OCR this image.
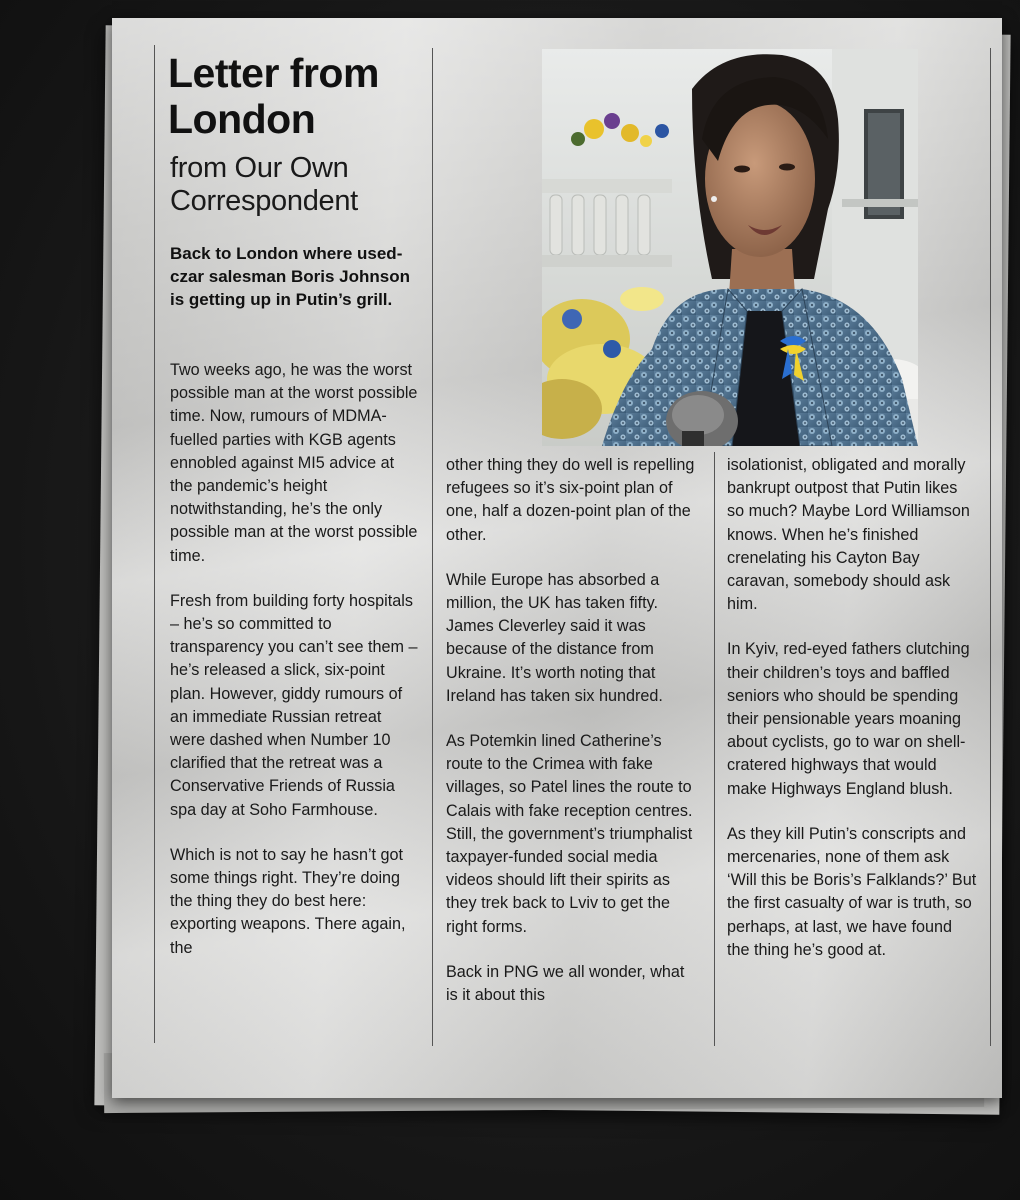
Letter from London
from Our Own Correspondent
Back to London where used-czar salesman Boris Johnson is getting up in Putin’s grill.

Two weeks ago, he was the worst possible man at the worst possible time. Now, rumours of MDMA-fuelled parties with KGB agents ennobled against MI5 advice at the pandemic’s height notwithstanding, he’s the only possible man at the worst possible time.

Fresh from building forty hospitals – he’s so committed to transparency you can’t see them – he’s released a slick, six-point plan. However, giddy rumours of an immediate Russian retreat were dashed when Number 10 clarified that the retreat was a Conservative Friends of Russia spa day at Soho Farmhouse.

Which is not to say he hasn’t got some things right. They’re doing the thing they do best here: exporting weapons. There again, the

other thing they do well is repelling refugees so it’s six-point plan of one, half a dozen-point plan of the other.

While Europe has absorbed a million, the UK has taken fifty. James Cleverley said it was because of the distance from Ukraine. It’s worth noting that Ireland has taken six hundred.

As Potemkin lined Catherine’s route to the Crimea with fake villages, so Patel lines the route to Calais with fake reception centres. Still, the government’s triumphalist taxpayer-funded social media videos should lift their spirits as they trek back to Lviv to get the right forms.

Back in PNG we all wonder, what is it about this

isolationist, obligated and morally bankrupt outpost that Putin likes so much? Maybe Lord Williamson knows. When he’s finished crenelating his Cayton Bay caravan, somebody should ask him.

In Kyiv, red-eyed fathers clutching their children’s toys and baffled seniors who should be spending their pensionable years moaning about cyclists, go to war on shell-cratered highways that would make Highways England blush.

As they kill Putin’s conscripts and mercenaries, none of them ask ‘Will this be Boris’s Falklands?’ But the first casualty of war is truth, so perhaps, at last, we have found the thing he’s good at.
